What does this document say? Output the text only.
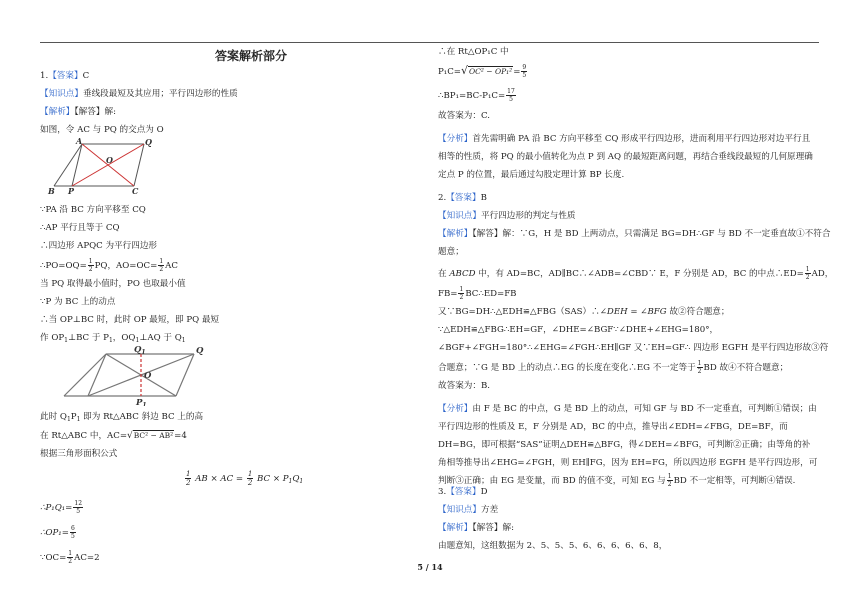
答案解析部分
1.【答案】C
【知识点】垂线段最短及其应用；平行四边形的性质
【解析】【解答】解:
如图，令 AC 与 PQ 的交点为 O
A	Q
O
B P	C
∵PA 沿 BC 方向平移至 CQ
∴AP 平行且等于 CQ
∴四边形 APQC 为平行四边形
∴PO=OQ= $\frac{1}{2}$ PQ，$AO=OC= \frac{1}{2}$ AC
当 PQ 取得最小值时，PO 也取最小值
∵P 为 BC 上的动点
∴当 OP⊥BC 时，此时 OP 最短，即 PQ 最短
作 $OP_1\perp BC$ 于 $P_1$，$OQ_1\perp AQ$ 于 $Q_1$
$Q_1$	Q
O
$P_1$
此时 $Q_1P_1$ 即为 Rt△ABC 斜边 BC 上的高
在 Rt△ABC 中，AC=√BC² − AB²=4
根据三角形面积公式
$\frac{1}{2}$ AB × AC = $\frac{1}{2}$ BC × $P_1Q_1$
∴P₁Q₁= $\frac{12}{5}$
∴OP₁= $\frac{6}{5}$
∵OC= $\frac{1}{2} AC=2$
∴在 Rt△OP₁C 中
$P_1C=√OC^2 - OP_1^2= \frac{9}{5}$
∴BP₁=BC-P₁C= $\frac{17}{5}$
故答案为：C.
【分析】首先需明确 PA 沿 BC 方向平移至 CQ 形成平行四边形，进而利用平行四边形对边平行且相等的性质，将 PQ 的最小值转化为点 P 到 AQ 的最短距离问题，再结合垂线段最短的几何原理确定点 P 的位置，最后通过勾股定理计算 BP 长度.
2.【答案】B
【知识点】平行四边形的判定与性质
【解析】【解答】解：∵G，H 是 BD 上两动点，只需满足 BG=DH∴GF 与 BD 不一定垂直故①不符合
题意；
在 ABCD 中，有 AD=BC，AD∥BC∴∠ADB=∠CBD∵ E，F 分别是 AD，BC 的中点∴ED= $\frac{1}{2}$ AD，
$FB= \frac{1}{2}$ BC∴ED=FB
又∵BG=DH∴△EDH≌△FBG（SAS）∴∠DEH = ∠BFG 故②符合题意；
∵△EDH≌△FBG∴EH=GF，∠DHE=∠BGF∵∠DHE+∠EHG=180°，
∠BGF+∠FGH=180°∴∠EHG=∠FGH∴EH∥GF 又∵EH=GF∴ 四边形 EGFH 是平行四边形故③符
合题意；∵G 是 BD 上的动点∴EG 的长度在变化∴EG 不一定等于 $\frac{1}{2}$ BD 故④不符合题意；
故答案为：B.
【分析】由 F 是 BC 的中点，G 是 BD 上的动点，可知 GF 与 BD 不一定垂直，可判断①错误；由平行四边形的性质及 E，F 分别是 AD，BC 的中点，推导出∠EDH=∠FBG，DE=BF，而 DH=BG，即可根据“SAS”证明△DEH≌△BFG，得∠DEH=∠BFG，可判断②正确；由等角的补角相等推导出∠EHG=∠FGH，则 EH∥FG，因为 EH=FG，所以四边形 EGFH 是平行四边形，可判断③正确；由 EG 是变量，而 BD 的值不变，可知 EG 与 $\frac{1}{2}$ BD 不一定相等，可判断④错误.
3.【答案】D
【知识点】方差
【解析】【解答】解:
由题意知，这组数据为 2、5、5、5、6、6、6、6、6、8，
5 / 14
